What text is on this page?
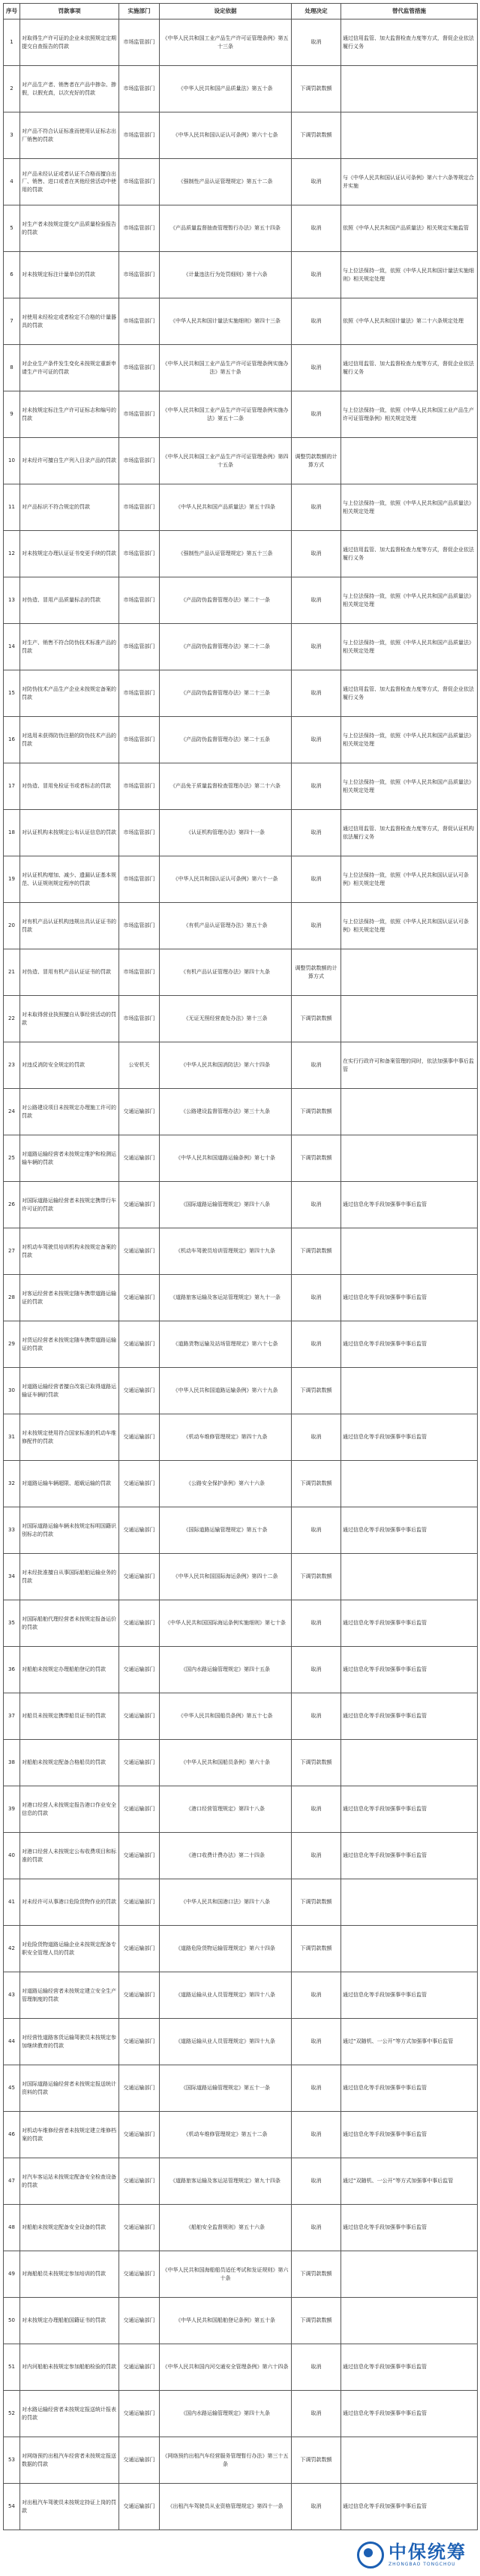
序号	罚款事项	实施部门	设定依据	处理决定	替代监管措施
1	对取得生产许可证的企业未依照规定定期提交自查报告的罚款	市场监管部门	《中华人民共和国工业产品生产许可证管理条例》第五十三条	取消	通过信用监管、加大监督检查力度等方式，督促企业依法履行义务
2	对产品生产者、销售者在产品中掺杂、掺假，以假充真，以次充好的罚款	市场监管部门	《中华人民共和国产品质量法》第五十条	下调罚款数额	
3	对产品不符合认证标准而使用认证标志出厂销售的罚款	市场监管部门	《中华人民共和国认证认可条例》第六十七条	下调罚款数额	
4	对产品未经认证或者认证不合格而擅自出厂、销售、进口或者在其他经营活动中使用的罚款	市场监管部门	《强制性产品认证管理规定》第五十二条	取消	与《中华人民共和国认证认可条例》第六十六条等规定合并实施
5	对生产者未按规定提交产品质量检验报告的罚款	市场监管部门	《产品质量监督抽查管理暂行办法》第五十四条	取消	依照《中华人民共和国产品质量法》相关规定实施监管
6	对未按规定标注计量单位的罚款	市场监管部门	《计量违法行为处罚细则》第十六条	取消	与上位法保持一致，依照《中华人民共和国计量法实施细则》相关规定处理
7	对使用未经检定或者检定不合格的计量器具的罚款	市场监管部门	《中华人民共和国计量法实施细则》第四十三条	取消	依照《中华人民共和国计量法》第二十六条规定处理
8	对企业生产条件发生变化未按规定重新申请生产许可证的罚款	市场监管部门	《中华人民共和国工业产品生产许可证管理条例实施办法》第五十条	取消	通过信用监管、加大监督检查力度等方式，督促企业依法履行义务
9	对未按规定标注生产许可证标志和编号的罚款	市场监管部门	《中华人民共和国工业产品生产许可证管理条例实施办法》第五十二条	取消	与上位法保持一致，依照《中华人民共和国工业产品生产许可证管理条例》相关规定处理
10	对未经许可擅自生产列入目录产品的罚款	市场监管部门	《中华人民共和国工业产品生产许可证管理条例》第四十五条	调整罚款数额的计算方式	
11	对产品标识不符合规定的罚款	市场监管部门	《中华人民共和国产品质量法》第五十四条	取消	与上位法保持一致，依照《中华人民共和国产品质量法》相关规定处理
12	对未按规定办理认证证书变更手续的罚款	市场监管部门	《强制性产品认证管理规定》第五十三条	取消	通过信用监管、加大监督检查力度等方式，督促企业依法履行义务
13	对伪造、冒用产品质量标志的罚款	市场监管部门	《产品防伪监督管理办法》第二十一条	取消	与上位法保持一致，依照《中华人民共和国产品质量法》相关规定处理
14	对生产、销售不符合防伪技术标准产品的罚款	市场监管部门	《产品防伪监督管理办法》第二十二条	取消	与上位法保持一致，依照《中华人民共和国产品质量法》相关规定处理
15	对防伪技术产品生产企业未按规定备案的罚款	市场监管部门	《产品防伪监督管理办法》第二十三条	取消	通过信用监管、加大监督检查力度等方式，督促企业依法履行义务
16	对选用未获得防伪注册的防伪技术产品的罚款	市场监管部门	《产品防伪监督管理办法》第二十五条	取消	与上位法保持一致，依照《中华人民共和国产品质量法》相关规定处理
17	对伪造、冒用免检证书或者标志的罚款	市场监管部门	《产品免于质量监督检查管理办法》第二十六条	取消	与上位法保持一致，依照《中华人民共和国产品质量法》相关规定处理
18	对认证机构未按规定公布认证信息的罚款	市场监管部门	《认证机构管理办法》第四十一条	取消	通过信用监管、加大监督检查力度等方式，督促认证机构依法履行义务
19	对认证机构增加、减少、遗漏认证基本规范、认证规则规定程序的罚款	市场监管部门	《中华人民共和国认证认可条例》第六十一条	取消	与上位法保持一致，依照《中华人民共和国认证认可条例》相关规定处理
20	对有机产品认证机构违规出具认证证书的罚款	市场监管部门	《有机产品认证管理办法》第五十条	取消	与上位法保持一致，依照《中华人民共和国认证认可条例》相关规定处理
21	对伪造、冒用有机产品认证证书的罚款	市场监管部门	《有机产品认证管理办法》第四十九条	调整罚款数额的计算方式	
22	对未取得营业执照擅自从事经营活动的罚款	市场监管部门	《无证无照经营查处办法》第十三条	下调罚款数额	
23	对违反消防安全规定的罚款	公安机关	《中华人民共和国消防法》第六十四条	取消	在实行行政许可和备案管理的同时，依法加强事中事后监管
24	对公路建设项目未按规定办理施工许可的罚款	交通运输部门	《公路建设监督管理办法》第三十九条	下调罚款数额	
25	对道路运输经营者未按规定维护和检测运输车辆的罚款	交通运输部门	《中华人民共和国道路运输条例》第七十条	下调罚款数额	
26	对国际道路运输经营者未按规定携带行车许可证的罚款	交通运输部门	《国际道路运输管理规定》第四十八条	取消	通过信息化等手段加强事中事后监管
27	对机动车驾驶员培训机构未按规定备案的罚款	交通运输部门	《机动车驾驶员培训管理规定》第四十九条	下调罚款数额	
28	对客运经营者未按规定随车携带道路运输证的罚款	交通运输部门	《道路旅客运输及客运站管理规定》第九十一条	取消	通过信息化等手段加强事中事后监管
29	对货运经营者未按规定随车携带道路运输证的罚款	交通运输部门	《道路货物运输及站场管理规定》第六十七条	取消	通过信息化等手段加强事中事后监管
30	对道路运输经营者擅自改装已取得道路运输证车辆的罚款	交通运输部门	《中华人民共和国道路运输条例》第六十九条	下调罚款数额	
31	对未按规定使用符合国家标准的机动车维修配件的罚款	交通运输部门	《机动车维修管理规定》第四十九条	取消	通过信息化等手段加强事中事后监管
32	对道路运输车辆超限、超载运输的罚款	交通运输部门	《公路安全保护条例》第六十六条	下调罚款数额	
33	对国际道路运输车辆未按规定标明国籍识别标志的罚款	交通运输部门	《国际道路运输管理规定》第五十条	取消	通过信息化等手段加强事中事后监管
34	对未经批准擅自从事国际船舶运输业务的罚款	交通运输部门	《中华人民共和国国际海运条例》第四十二条	下调罚款数额	
35	对国际船舶代理经营者未按规定报备运价的罚款	交通运输部门	《中华人民共和国国际海运条例实施细则》第七十条	取消	通过信息化等手段加强事中事后监管
36	对船舶未按规定办理船舶登记的罚款	交通运输部门	《国内水路运输管理规定》第四十五条	取消	通过信息化等手段加强事中事后监管
37	对船员未按规定携带船员证书的罚款	交通运输部门	《中华人民共和国船员条例》第五十七条	取消	通过信息化等手段加强事中事后监管
38	对船舶未按规定配备合格船员的罚款	交通运输部门	《中华人民共和国船员条例》第六十条	下调罚款数额	
39	对港口经营人未按规定报告港口作业安全信息的罚款	交通运输部门	《港口经营管理规定》第四十八条	取消	通过信息化等手段加强事中事后监管
40	对港口经营人未按规定公布收费项目和标准的罚款	交通运输部门	《港口收费计费办法》第二十四条	取消	通过信息化等手段加强事中事后监管
41	对未经许可从事港口危险货物作业的罚款	交通运输部门	《中华人民共和国港口法》第四十八条	下调罚款数额	
42	对危险货物道路运输企业未按规定配备专职安全管理人员的罚款	交通运输部门	《道路危险货物运输管理规定》第六十四条	下调罚款数额	
43	对道路运输经营者未按规定建立安全生产管理制度的罚款	交通运输部门	《道路运输从业人员管理规定》第四十八条	取消	通过信息化等手段加强事中事后监管
44	对经营性道路客货运输驾驶员未按规定参加继续教育的罚款	交通运输部门	《道路运输从业人员管理规定》第四十九条	取消	通过“双随机、一公开”等方式加强事中事后监管
45	对国际道路运输经营者未按规定报送统计资料的罚款	交通运输部门	《国际道路运输管理规定》第五十一条	取消	通过信息化等手段加强事中事后监管
46	对机动车维修经营者未按规定建立维修档案的罚款	交通运输部门	《机动车维修管理规定》第五十二条	取消	通过信息化等手段加强事中事后监管
47	对汽车客运站未按规定配备安全检查设备的罚款	交通运输部门	《道路旅客运输及客运站管理规定》第九十四条	取消	通过“双随机、一公开”等方式加强事中事后监管
48	对船舶未按规定配备安全设备的罚款	交通运输部门	《船舶安全监督规则》第五十六条	取消	通过信息化等手段加强事中事后监管
49	对海船船员未按规定参加培训的罚款	交通运输部门	《中华人民共和国海船船员适任考试和发证规则》第六十条	下调罚款数额	
50	对未按规定办理船舶国籍证书的罚款	交通运输部门	《中华人民共和国船舶登记条例》第五十条	下调罚款数额	
51	对内河船舶未按规定参加船舶检验的罚款	交通运输部门	《中华人民共和国内河交通安全管理条例》第六十四条	取消	通过信息化等手段加强事中事后监管
52	对水路运输经营者未按规定报送统计报表的罚款	交通运输部门	《国内水路运输管理规定》第四十九条	取消	通过信息化等手段加强事中事后监管
53	对网络预约出租汽车经营者未按规定报送数据的罚款	交通运输部门	《网络预约出租汽车经营服务管理暂行办法》第三十五条	下调罚款数额	
54	对出租汽车驾驶员未按规定持证上岗的罚款	交通运输部门	《出租汽车驾驶员从业资格管理规定》第四十一条	取消	通过信息化等手段加强事中事后监管
中保统筹
ZHONGBAO TONGCHOU
